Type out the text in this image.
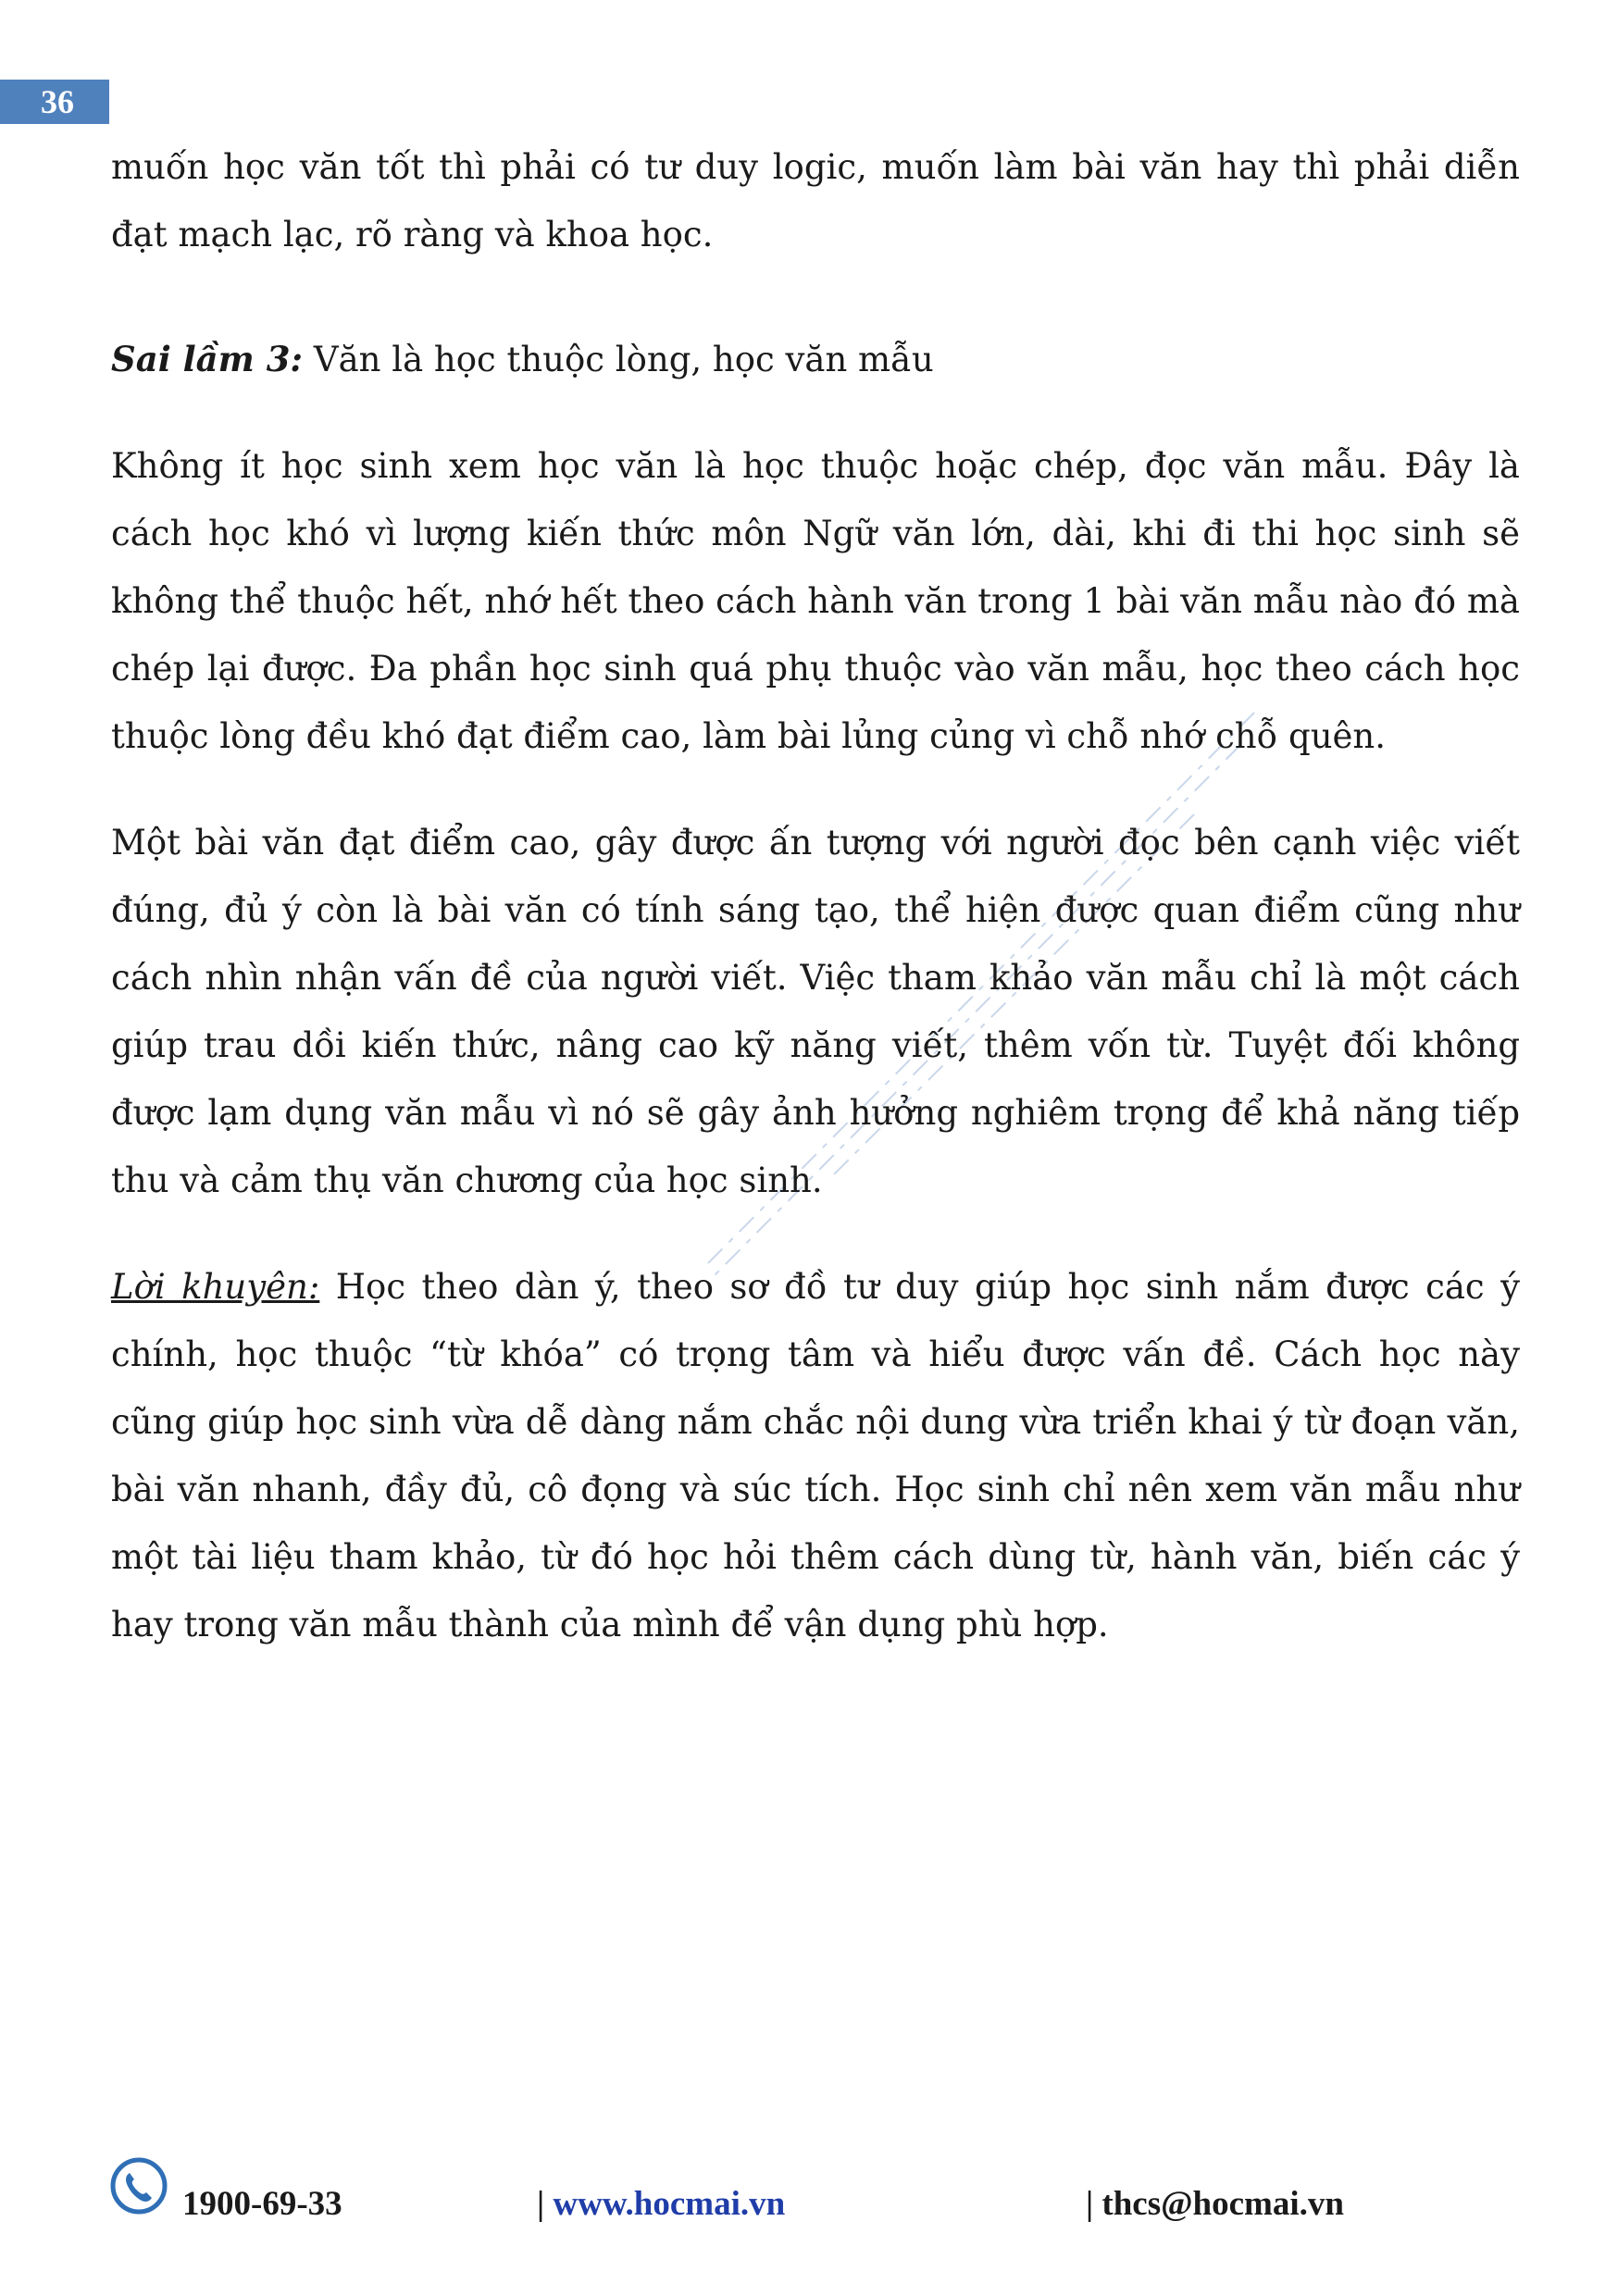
36

muốn học văn tốt thì phải có tư duy logic, muốn làm bài văn hay thì phải diễn đạt mạch lạc, rõ ràng và khoa học.

Sai lầm 3: Văn là học thuộc lòng, học văn mẫu

Không ít học sinh xem học văn là học thuộc hoặc chép, đọc văn mẫu. Đây là cách học khó vì lượng kiến thức môn Ngữ văn lớn, dài, khi đi thi học sinh sẽ không thể thuộc hết, nhớ hết theo cách hành văn trong 1 bài văn mẫu nào đó mà chép lại được. Đa phần học sinh quá phụ thuộc vào văn mẫu, học theo cách học thuộc lòng đều khó đạt điểm cao, làm bài lủng củng vì chỗ nhớ chỗ quên.

Một bài văn đạt điểm cao, gây được ấn tượng với người đọc bên cạnh việc viết đúng, đủ ý còn là bài văn có tính sáng tạo, thể hiện được quan điểm cũng như cách nhìn nhận vấn đề của người viết. Việc tham khảo văn mẫu chỉ là một cách giúp trau dồi kiến thức, nâng cao kỹ năng viết, thêm vốn từ. Tuyệt đối không được lạm dụng văn mẫu vì nó sẽ gây ảnh hưởng nghiêm trọng để khả năng tiếp thu và cảm thụ văn chương của học sinh.

Lời khuyên: Học theo dàn ý, theo sơ đồ tư duy giúp học sinh nắm được các ý chính, học thuộc “từ khóa” có trọng tâm và hiểu được vấn đề. Cách học này cũng giúp học sinh vừa dễ dàng nắm chắc nội dung vừa triển khai ý từ đoạn văn, bài văn nhanh, đầy đủ, cô đọng và súc tích. Học sinh chỉ nên xem văn mẫu như một tài liệu tham khảo, từ đó học hỏi thêm cách dùng từ, hành văn, biến các ý hay trong văn mẫu thành của mình để vận dụng phù hợp.

1900-69-33	| www.hocmai.vn	| thcs@hocmai.vn
